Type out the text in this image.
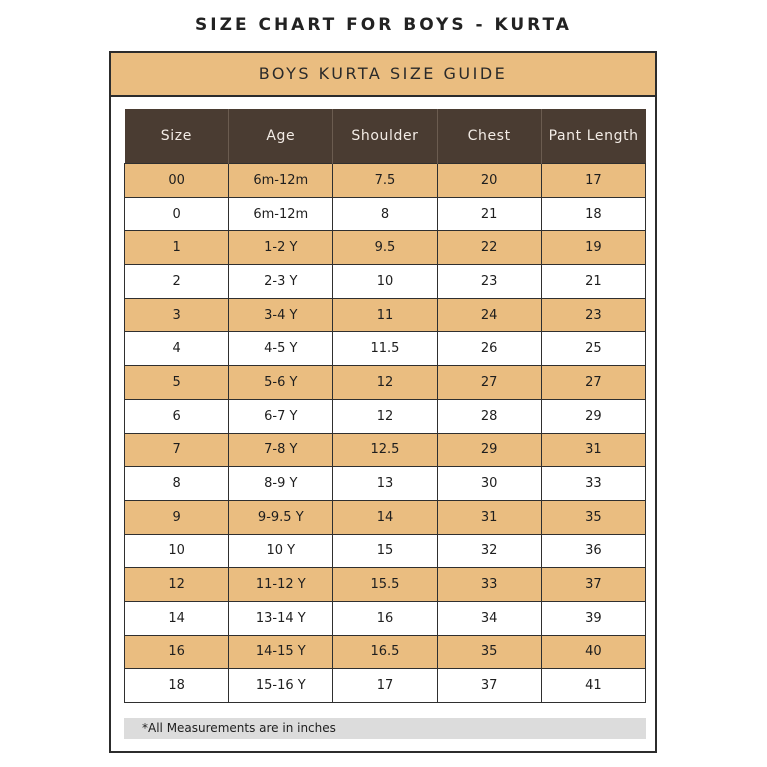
SIZE CHART FOR BOYS - KURTA
BOYS KURTA SIZE GUIDE
Size	Age	Shoulder	Chest	Pant Length
00	6m-12m	7.5	20	17
0	6m-12m	8	21	18
1	1-2 Y	9.5	22	19
2	2-3 Y	10	23	21
3	3-4 Y	11	24	23
4	4-5 Y	11.5	26	25
5	5-6 Y	12	27	27
6	6-7 Y	12	28	29
7	7-8 Y	12.5	29	31
8	8-9 Y	13	30	33
9	9-9.5 Y	14	31	35
10	10 Y	15	32	36
12	11-12 Y	15.5	33	37
14	13-14 Y	16	34	39
16	14-15 Y	16.5	35	40
18	15-16 Y	17	37	41
*All Measurements are in inches
